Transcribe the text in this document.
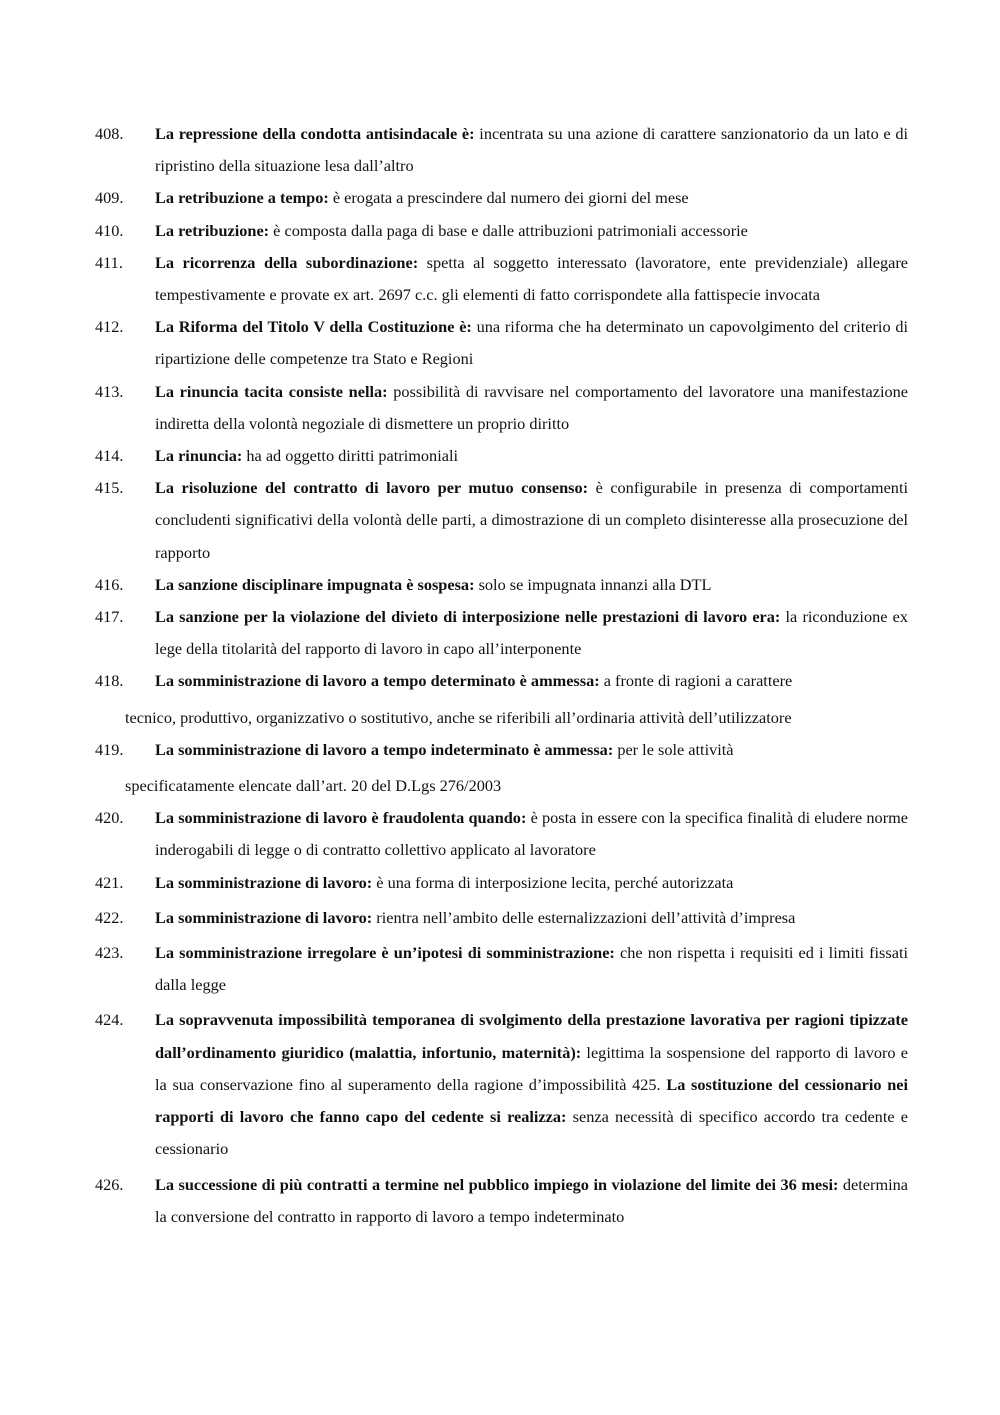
408. La repressione della condotta antisindacale è: incentrata su una azione di carattere sanzionatorio da un lato e di ripristino della situazione lesa dall’altro

409. La retribuzione a tempo: è erogata a prescindere dal numero dei giorni del mese

410. La retribuzione: è composta dalla paga di base e dalle attribuzioni patrimoniali accessorie

411. La ricorrenza della subordinazione: spetta al soggetto interessato (lavoratore, ente previdenziale) allegare tempestivamente e provate ex art. 2697 c.c. gli elementi di fatto corrispondete alla fattispecie invocata

412. La Riforma del Titolo V della Costituzione è: una riforma che ha determinato un capovolgimento del criterio di ripartizione delle competenze tra Stato e Regioni

413. La rinuncia tacita consiste nella: possibilità di ravvisare nel comportamento del lavoratore una manifestazione indiretta della volontà negoziale di dismettere un proprio diritto

414. La rinuncia: ha ad oggetto diritti patrimoniali

415. La risoluzione del contratto di lavoro per mutuo consenso: è configurabile in presenza di comportamenti concludenti significativi della volontà delle parti, a dimostrazione di un completo disinteresse alla prosecuzione del rapporto

416. La sanzione disciplinare impugnata è sospesa: solo se impugnata innanzi alla DTL

417. La sanzione per la violazione del divieto di interposizione nelle prestazioni di lavoro era: la riconduzione ex lege della titolarità del rapporto di lavoro in capo all’interponente

418. La somministrazione di lavoro a tempo determinato è ammessa: a fronte di ragioni a carattere
tecnico, produttivo, organizzativo o sostitutivo, anche se riferibili all’ordinaria attività dell’utilizzatore

419. La somministrazione di lavoro a tempo indeterminato è ammessa: per le sole attività
specificatamente elencate dall’art. 20 del D.Lgs 276/2003

420. La somministrazione di lavoro è fraudolenta quando: è posta in essere con la specifica finalità di eludere norme inderogabili di legge o di contratto collettivo applicato al lavoratore

421. La somministrazione di lavoro: è una forma di interposizione lecita, perché autorizzata

422. La somministrazione di lavoro: rientra nell’ambito delle esternalizzazioni dell’attività d’impresa

423. La somministrazione irregolare è un’ipotesi di somministrazione: che non rispetta i requisiti ed i limiti fissati dalla legge

424. La sopravvenuta impossibilità temporanea di svolgimento della prestazione lavorativa per ragioni tipizzate dall’ordinamento giuridico (malattia, infortunio, maternità): legittima la sospensione del rapporto di lavoro e la sua conservazione fino al superamento della ragione d’impossibilità 425. La sostituzione del cessionario nei rapporti di lavoro che fanno capo del cedente si realizza: senza necessità di specifico accordo tra cedente e cessionario

426. La successione di più contratti a termine nel pubblico impiego in violazione del limite dei 36 mesi: determina la conversione del contratto in rapporto di lavoro a tempo indeterminato
